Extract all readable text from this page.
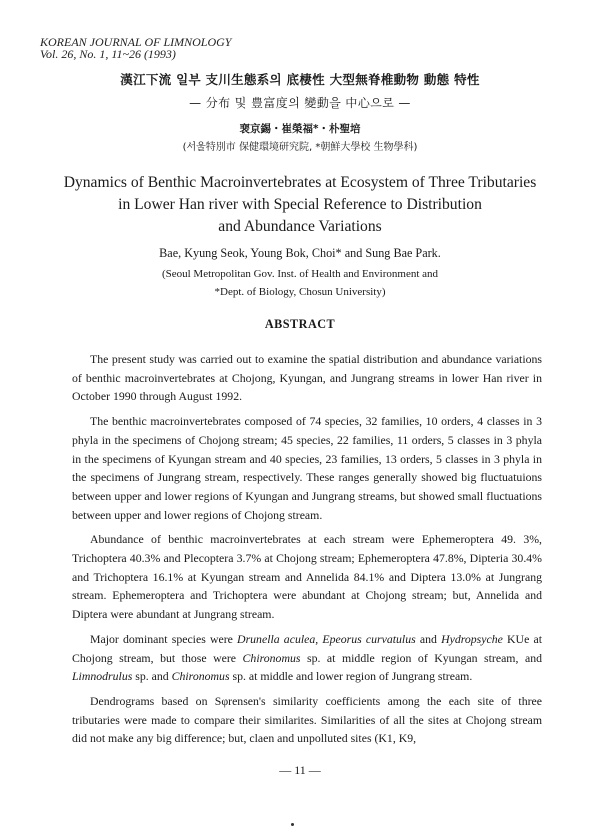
KOREAN JOURNAL OF LIMNOLOGY
Vol. 26, No. 1, 11~26 (1993)
漢江下流 일부 支川生態系의 底棲性 大型無脊椎動物 動態 特性
— 分布 및 豊富度의 變動을 中心으로 —
裵京錫・崔榮福*・朴聖培
(서울特別市 保健環境研究院, *朝鮮大學校 生物學科)
Dynamics of Benthic Macroinvertebrates at Ecosystem of Three Tributaries
in Lower Han river with Special Reference to Distribution
and Abundance Variations
Bae, Kyung Seok, Young Bok, Choi* and Sung Bae Park.
(Seoul Metropolitan Gov. Inst. of Health and Environment and
*Dept. of Biology, Chosun University)
ABSTRACT

The present study was carried out to examine the spatial distribution and abundance variations of benthic macroinvertebrates at Chojong, Kyungan, and Jungrang streams in lower Han river in October 1990 through August 1992.

The benthic macroinvertebrates composed of 74 species, 32 families, 10 orders, 4 classes in 3 phyla in the specimens of Chojong stream; 45 species, 22 families, 11 orders, 5 classes in 3 phyla in the specimens of Kyungan stream and 40 species, 23 families, 13 orders, 5 classes in 3 phyla in the specimens of Jungrang stream, respectively. These ranges generally showed big fluctuatuions between upper and lower regions of Kyungan and Jungrang streams, but showed small fluctuations between upper and lower regions of Chojong stream.

Abundance of benthic macroinvertebrates at each stream were Ephemeroptera 49. 3%, Trichoptera 40.3% and Plecoptera 3.7% at Chojong stream; Ephemeroptera 47.8%, Dipteria 30.4% and Trichoptera 16.1% at Kyungan stream and Annelida 84.1% and Diptera 13.0% at Jungrang stream. Ephemeroptera and Trichoptera were abundant at Chojong stream; but, Annelida and Diptera were abundant at Jungrang stream.

Major dominant species were Drunella aculea, Epeorus curvatulus and Hydropsyche KUe at Chojong stream, but those were Chironomus sp. at middle region of Kyungan stream, and Limnodrulus sp. and Chironomus sp. at middle and lower region of Jungrang stream.

Dendrograms based on Sφrensen's similarity coefficients among the each site of three tributaries were made to compare their similarites. Similarities of all the sites at Chojong stream did not make any big difference; but, claen and unpolluted sites (K1, K9,

— 11 —
